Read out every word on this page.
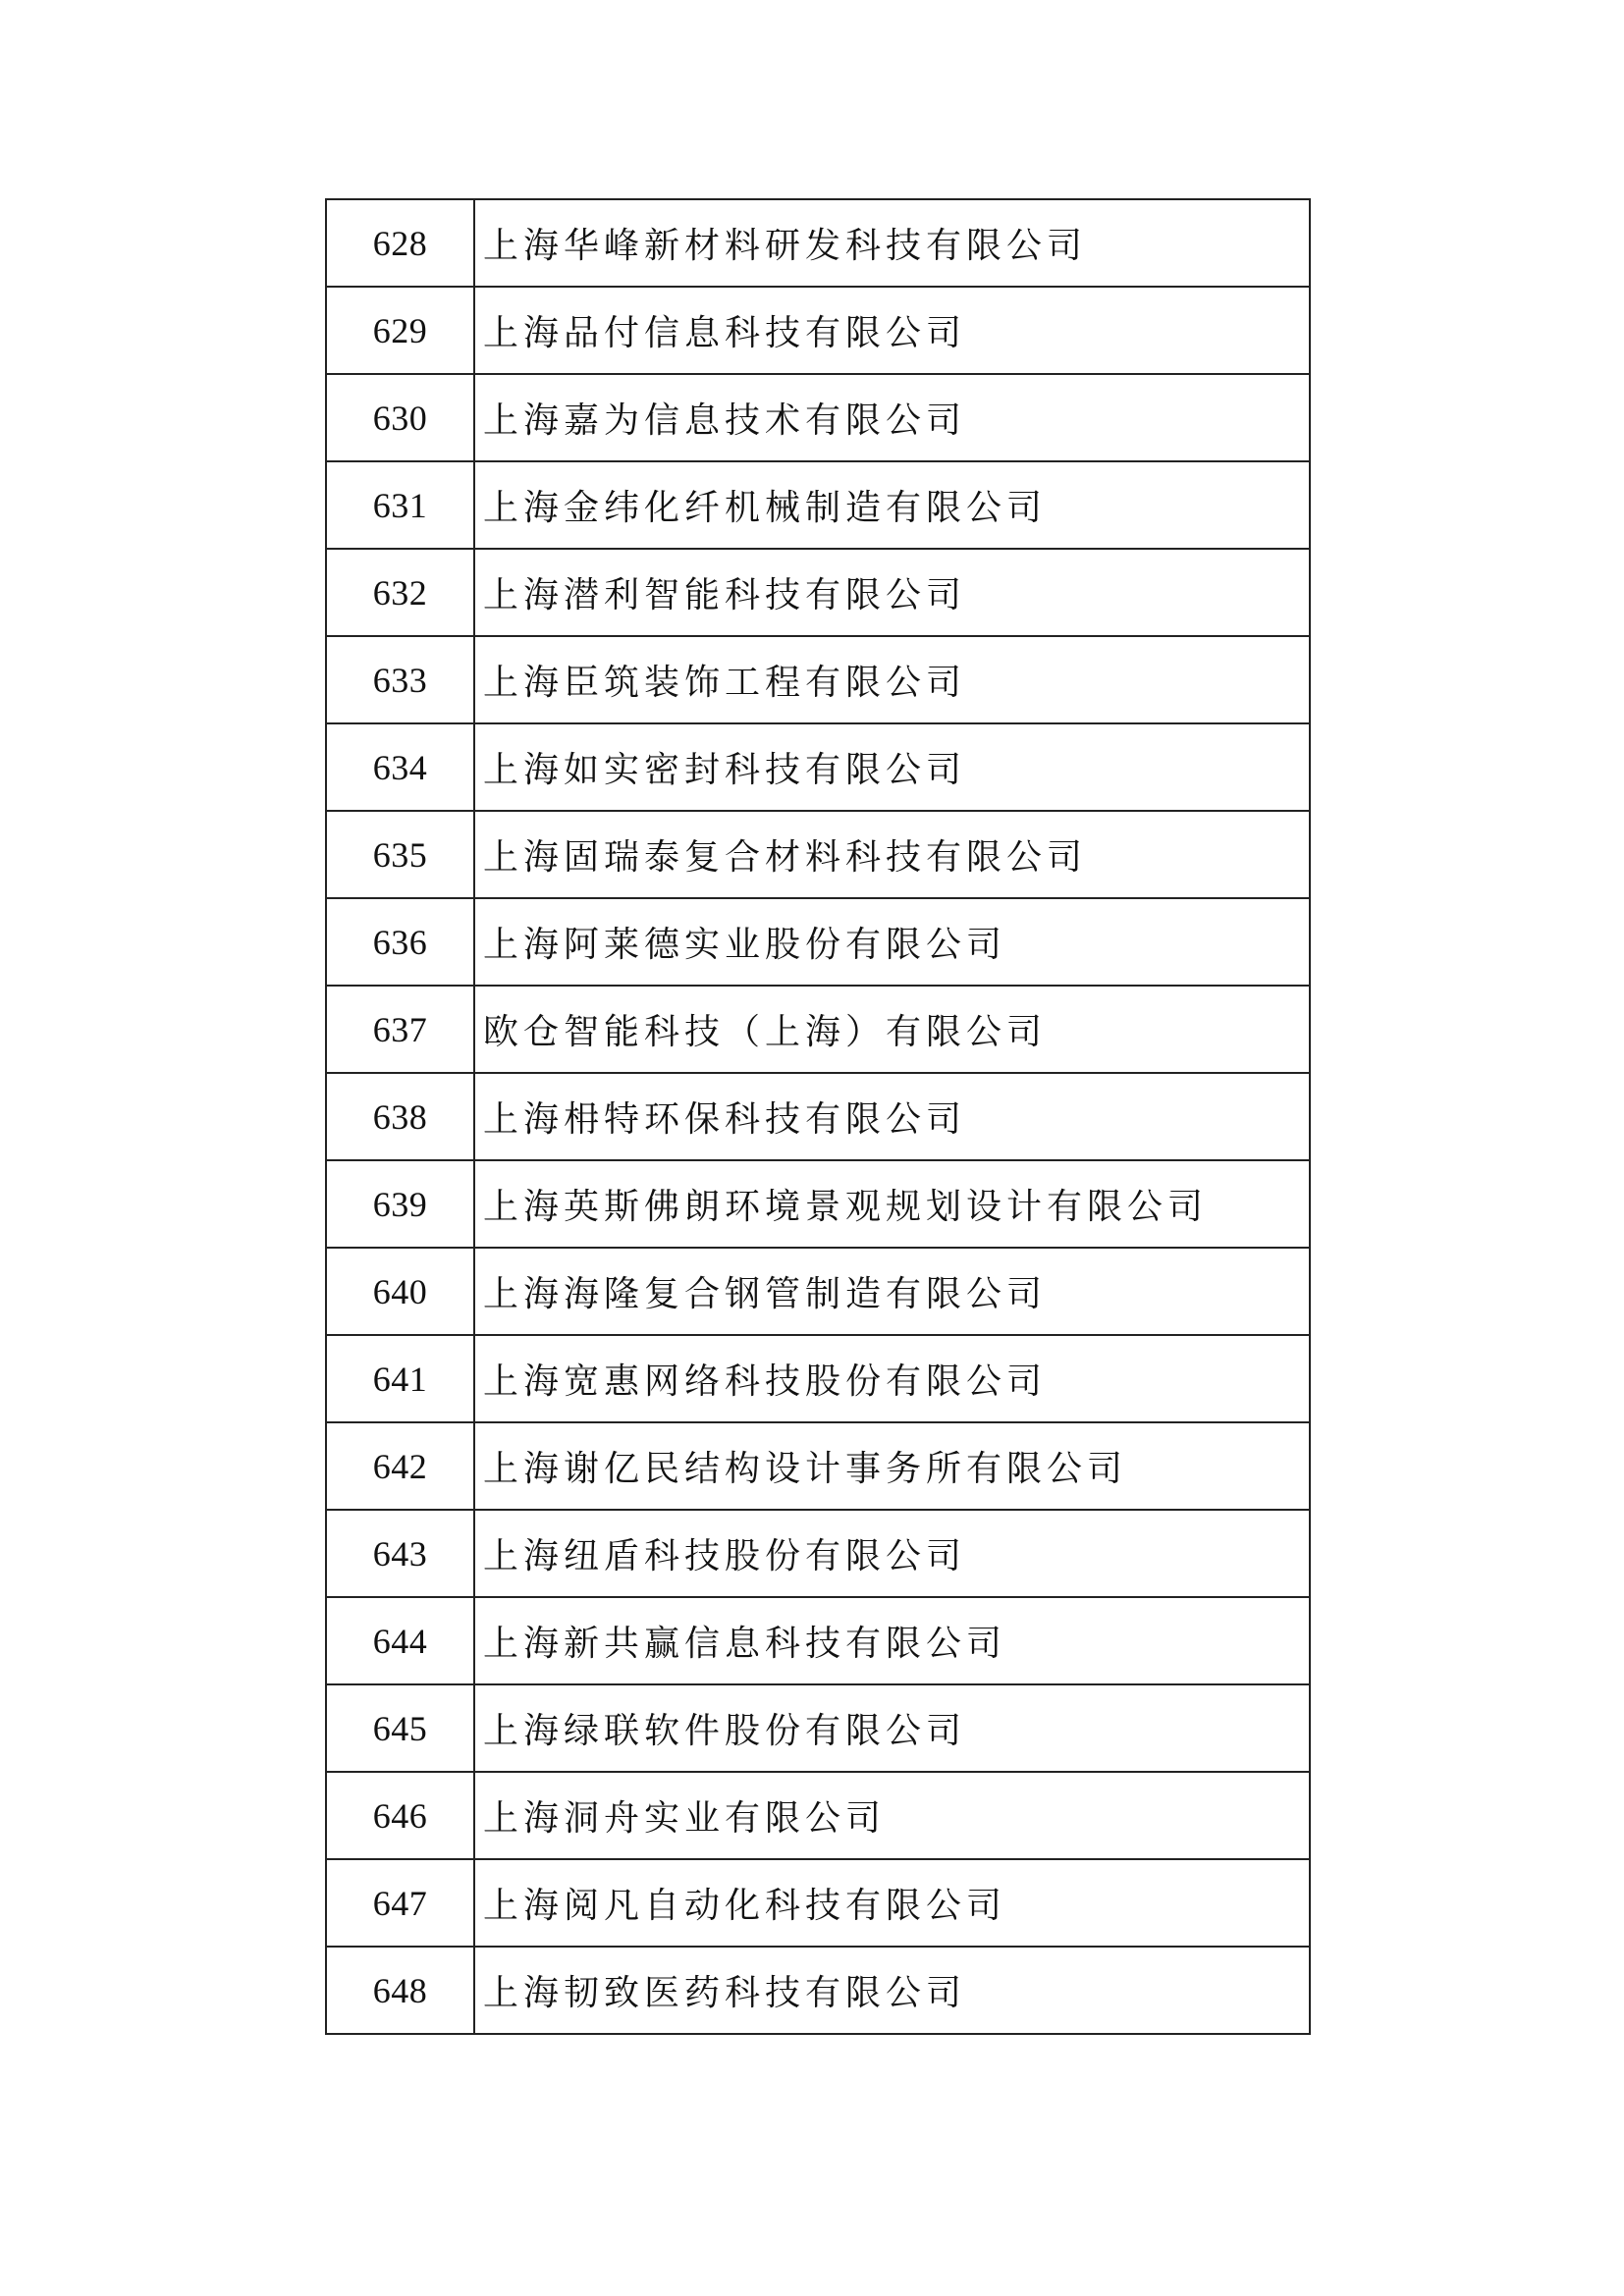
628	上海华峰新材料研发科技有限公司
629	上海品付信息科技有限公司
630	上海嘉为信息技术有限公司
631	上海金纬化纤机械制造有限公司
632	上海潜利智能科技有限公司
633	上海臣筑装饰工程有限公司
634	上海如实密封科技有限公司
635	上海固瑞泰复合材料科技有限公司
636	上海阿莱德实业股份有限公司
637	欧仓智能科技（上海）有限公司
638	上海枏特环保科技有限公司
639	上海英斯佛朗环境景观规划设计有限公司
640	上海海隆复合钢管制造有限公司
641	上海宽惠网络科技股份有限公司
642	上海谢亿民结构设计事务所有限公司
643	上海纽盾科技股份有限公司
644	上海新共赢信息科技有限公司
645	上海绿联软件股份有限公司
646	上海洞舟实业有限公司
647	上海阅凡自动化科技有限公司
648	上海韧致医药科技有限公司
